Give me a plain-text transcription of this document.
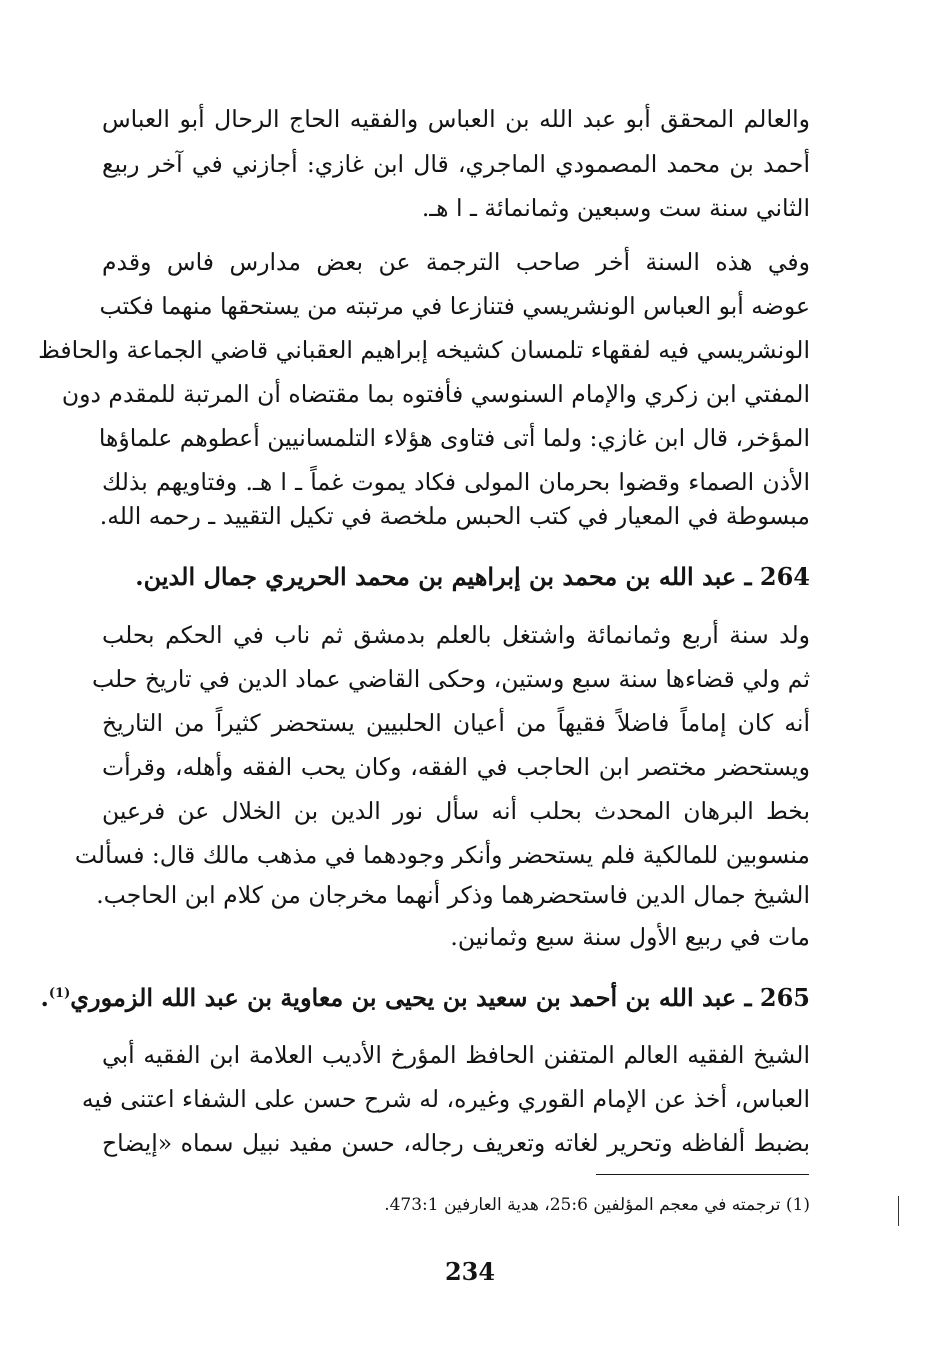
والعالم المحقق أبو عبد الله بن العباس والفقيه الحاج الرحال أبو العباس
أحمد بن محمد المصمودي الماجري، قال ابن غازي: أجازني في آخر ربيع
الثاني سنة ست وسبعين وثمانمائة ـ ا هـ.
وفي هذه السنة أخر صاحب الترجمة عن بعض مدارس فاس وقدم
عوضه أبو العباس الونشريسي فتنازعا في مرتبته من يستحقها منهما فكتب
الونشريسي فيه لفقهاء تلمسان كشيخه إبراهيم العقباني قاضي الجماعة والحافظ
المفتي ابن زكري والإمام السنوسي فأفتوه بما مقتضاه أن المرتبة للمقدم دون
المؤخر، قال ابن غازي: ولما أتى فتاوى هؤلاء التلمسانيين أعطوهم علماؤها
الأذن الصماء وقضوا بحرمان المولى فكاد يموت غماً ـ ا هـ. وفتاويهم بذلك
مبسوطة في المعيار في كتب الحبس ملخصة في تكيل التقييد ـ رحمه الله.
264 ـ عبد الله بن محمد بن إبراهيم بن محمد الحريري جمال الدين.
ولد سنة أربع وثمانمائة واشتغل بالعلم بدمشق ثم ناب في الحكم بحلب
ثم ولي قضاءها سنة سبع وستين، وحكى القاضي عماد الدين في تاريخ حلب
أنه كان إماماً فاضلاً فقيهاً من أعيان الحلبيين يستحضر كثيراً من التاريخ
ويستحضر مختصر ابن الحاجب في الفقه، وكان يحب الفقه وأهله، وقرأت
بخط البرهان المحدث بحلب أنه سأل نور الدين بن الخلال عن فرعين
منسوبين للمالكية فلم يستحضر وأنكر وجودهما في مذهب مالك قال: فسألت
الشيخ جمال الدين فاستحضرهما وذكر أنهما مخرجان من كلام ابن الحاجب.
مات في ربيع الأول سنة سبع وثمانين.
265 ـ عبد الله بن أحمد بن سعيد بن يحيى بن معاوية بن عبد الله الزموري$^{(1)}$.
الشيخ الفقيه العالم المتفنن الحافظ المؤرخ الأديب العلامة ابن الفقيه أبي
العباس، أخذ عن الإمام القوري وغيره، له شرح حسن على الشفاء اعتنى فيه
بضبط ألفاظه وتحرير لغاته وتعريف رجاله، حسن مفيد نبيل سماه «إيضاح
(1) ترجمته في معجم المؤلفين 25:6، هدية العارفين 473:1.
234
